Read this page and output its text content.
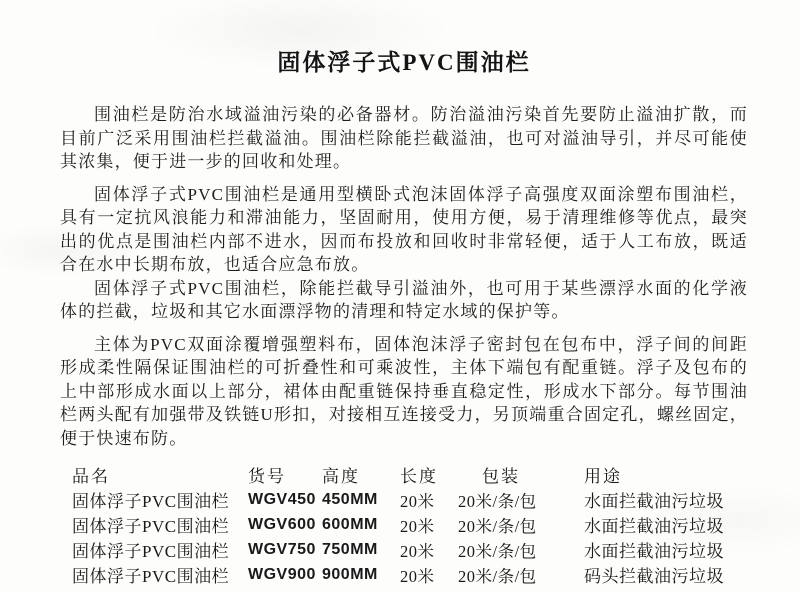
固体浮子式PVC围油栏

围油栏是防治水域溢油污染的必备器材。防治溢油污染首先要防止溢油扩散，而目前广泛采用围油栏拦截溢油。围油栏除能拦截溢油，也可对溢油导引，并尽可能使其浓集，便于进一步的回收和处理。

固体浮子式PVC围油栏是通用型横卧式泡沫固体浮子高强度双面涂塑布围油栏，具有一定抗风浪能力和滞油能力，坚固耐用，使用方便，易于清理维修等优点，最突出的优点是围油栏内部不进水，因而布投放和回收时非常轻便，适于人工布放，既适合在水中长期布放，也适合应急布放。

固体浮子式PVC围油栏，除能拦截导引溢油外，也可用于某些漂浮水面的化学液体的拦截，垃圾和其它水面漂浮物的清理和特定水域的保护等。

主体为PVC双面涂覆增强塑料布，固体泡沫浮子密封包在包布中，浮子间的间距形成柔性隔保证围油栏的可折叠性和可乘波性，主体下端包有配重链。浮子及包布的上中部形成水面以上部分，裙体由配重链保持垂直稳定性，形成水下部分。每节围油栏两头配有加强带及铁链U形扣，对接相互连接受力，另顶端重合固定孔，螺丝固定，便于快速布防。

品名	货号	高度	长度	包装	用途
固体浮子PVC围油栏	WGV450	450MM	20米	20米/条/包	水面拦截油污垃圾
固体浮子PVC围油栏	WGV600	600MM	20米	20米/条/包	水面拦截油污垃圾
固体浮子PVC围油栏	WGV750	750MM	20米	20米/条/包	水面拦截油污垃圾
固体浮子PVC围油栏	WGV900	900MM	20米	20米/条/包	码头拦截油污垃圾
